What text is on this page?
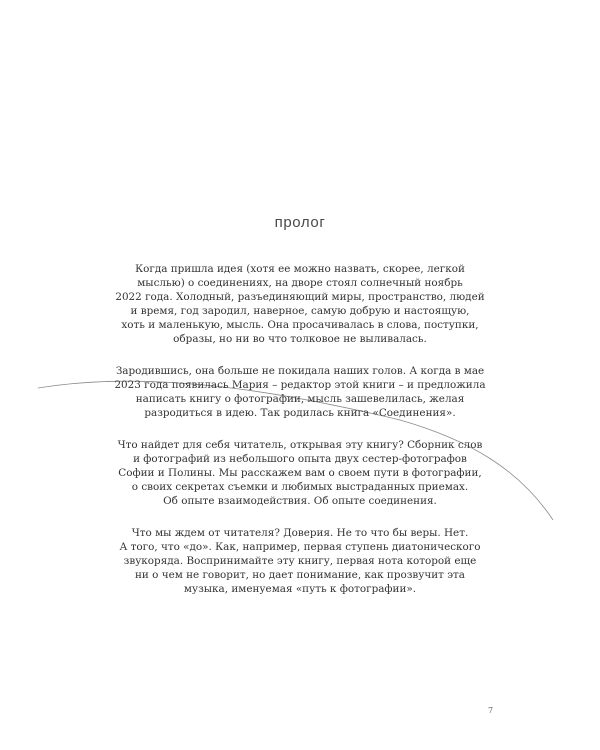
пролог

Когда пришла идея (хотя ее можно назвать, скорее, легкой
мыслью) о соединениях, на дворе стоял солнечный ноябрь
2022 года. Холодный, разъединяющий миры, пространство, людей
и время, год зародил, наверное, самую добрую и настоящую,
хоть и маленькую, мысль. Она просачивалась в слова, поступки,
образы, но ни во что толковое не выливалась.

Зародившись, она больше не покидала наших голов. А когда в мае
2023 года появилась Мария – редактор этой книги – и предложила
написать книгу о фотографии, мысль зашевелилась, желая
разродиться в идею. Так родилась книга «Соединения».

Что найдет для себя читатель, открывая эту книгу? Сборник слов
и фотографий из небольшого опыта двух сестер-фотографов
Софии и Полины. Мы расскажем вам о своем пути в фотографии,
о своих секретах съемки и любимых выстраданных приемах.
Об опыте взаимодействия. Об опыте соединения.

Что мы ждем от читателя? Доверия. Не то что бы веры. Нет.
А того, что «до». Как, например, первая ступень диатонического
звукоряда. Воспринимайте эту книгу, первая нота которой еще
ни о чем не говорит, но дает понимание, как прозвучит эта
музыка, именуемая «путь к фотографии».

7
